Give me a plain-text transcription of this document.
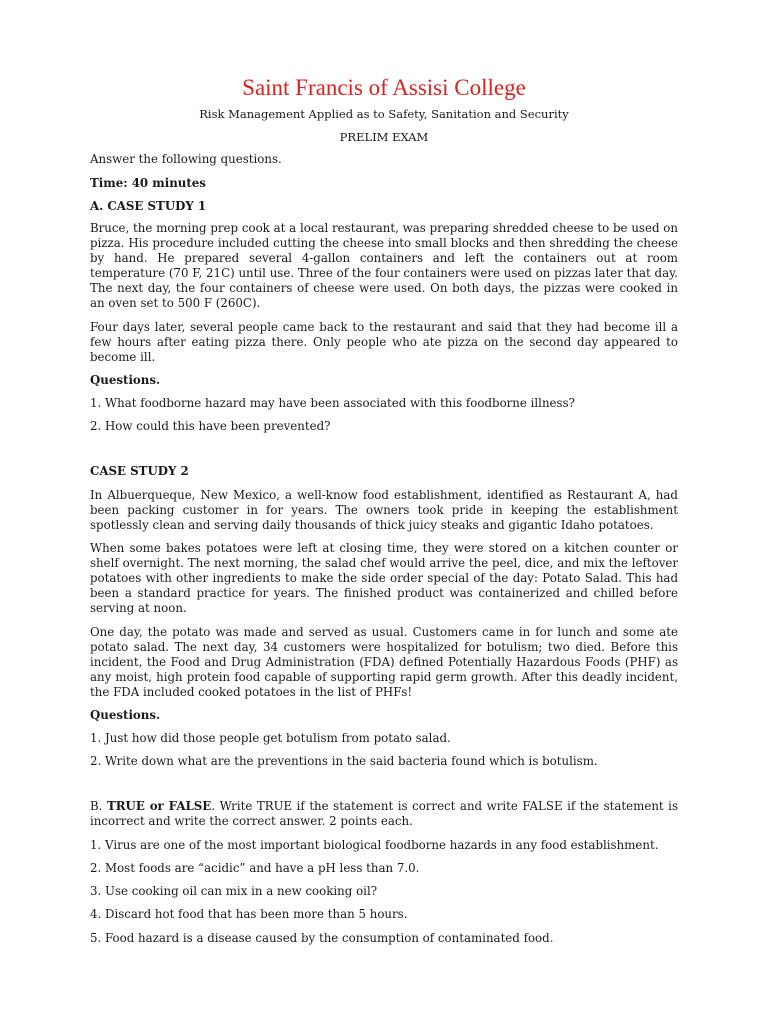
Saint Francis of Assisi College
Risk Management Applied as to Safety, Sanitation and Security
PRELIM EXAM
Answer the following questions.
Time: 40 minutes
A. CASE STUDY 1
Bruce, the morning prep cook at a local restaurant, was preparing shredded cheese to be used on pizza. His procedure included cutting the cheese into small blocks and then shredding the cheese by hand. He prepared several 4-gallon containers and left the containers out at room temperature (70 F, 21C) until use. Three of the four containers were used on pizzas later that day. The next day, the four containers of cheese were used. On both days, the pizzas were cooked in an oven set to 500 F (260C).
Four days later, several people came back to the restaurant and said that they had become ill a few hours after eating pizza there. Only people who ate pizza on the second day appeared to become ill.
Questions.
1. What foodborne hazard may have been associated with this foodborne illness?
2. How could this have been prevented?
CASE STUDY 2
In Albuerqueque, New Mexico, a well-know food establishment, identified as Restaurant A, had been packing customer in for years. The owners took pride in keeping the establishment spotlessly clean and serving daily thousands of thick juicy steaks and gigantic Idaho potatoes.
When some bakes potatoes were left at closing time, they were stored on a kitchen counter or shelf overnight. The next morning, the salad chef would arrive the peel, dice, and mix the leftover potatoes with other ingredients to make the side order special of the day: Potato Salad. This had been a standard practice for years. The finished product was containerized and chilled before serving at noon.
One day, the potato was made and served as usual. Customers came in for lunch and some ate potato salad. The next day, 34 customers were hospitalized for botulism; two died. Before this incident, the Food and Drug Administration (FDA) defined Potentially Hazardous Foods (PHF) as any moist, high protein food capable of supporting rapid germ growth. After this deadly incident, the FDA included cooked potatoes in the list of PHFs!
Questions.
1. Just how did those people get botulism from potato salad.
2. Write down what are the preventions in the said bacteria found which is botulism.
B. TRUE or FALSE. Write TRUE if the statement is correct and write FALSE if the statement is incorrect and write the correct answer. 2 points each.
1. Virus are one of the most important biological foodborne hazards in any food establishment.
2. Most foods are “acidic” and have a pH less than 7.0.
3. Use cooking oil can mix in a new cooking oil?
4. Discard hot food that has been more than 5 hours.
5. Food hazard is a disease caused by the consumption of contaminated food.
